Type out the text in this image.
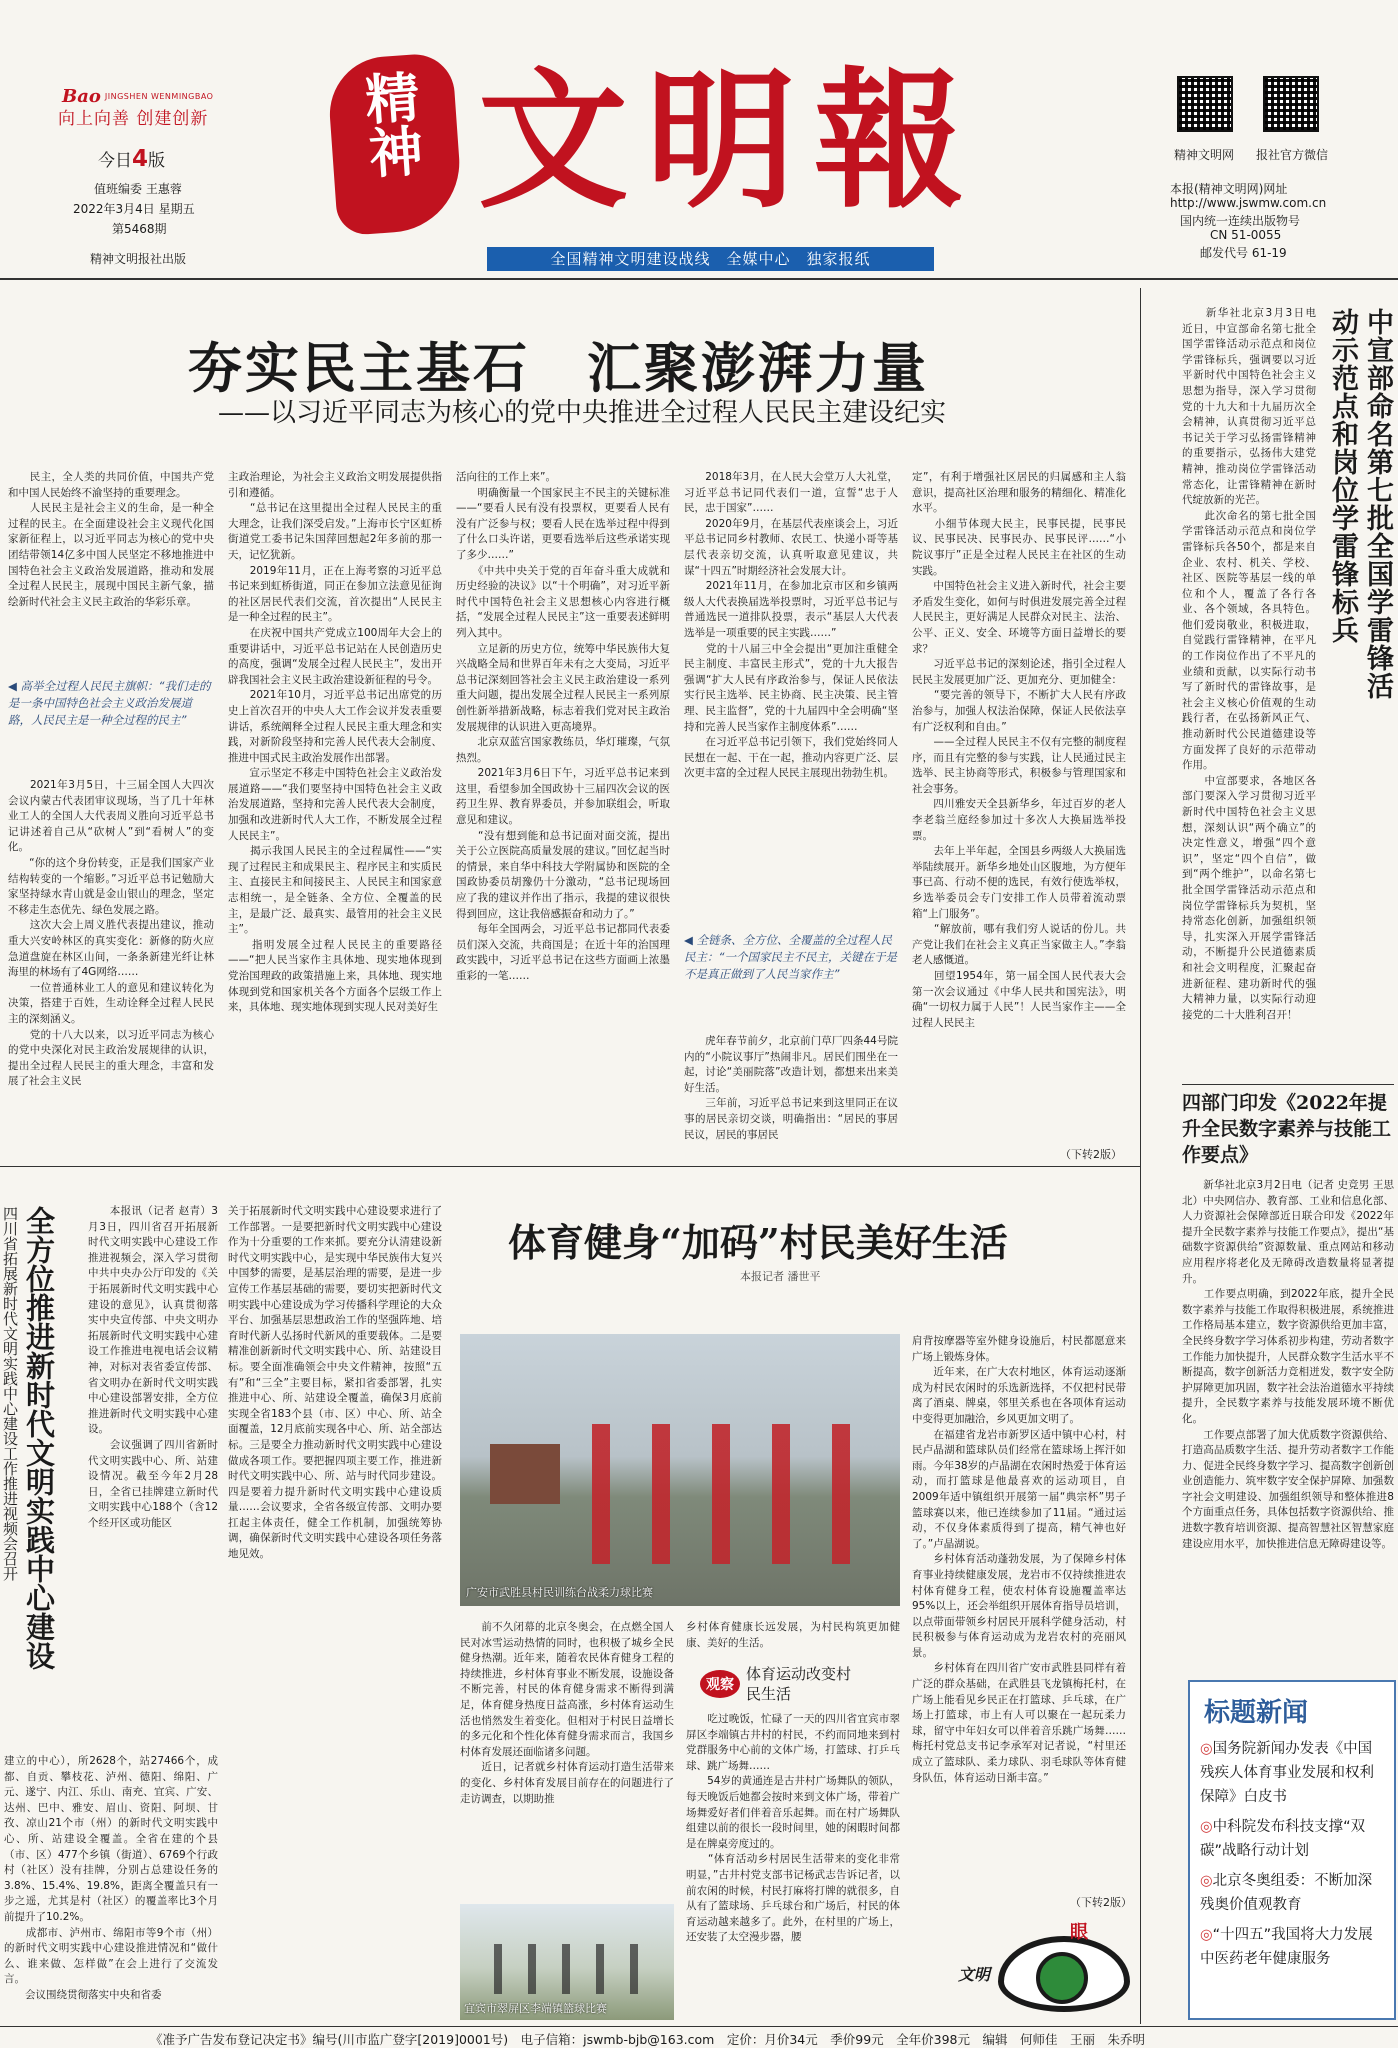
Bao JINGSHEN WENMINGBAO
向上向善 创建创新
今日4版
值班编委 王惠蓉
2022年3月4日 星期五
第5468期
精神文明报社出版
精神 文明報
全国精神文明建设战线　全媒中心　独家报纸
精神文明网 报社官方微信
本报(精神文明网)网址
http://www.jswmw.com.cn
国内统一连续出版物号
CN 51-0055
邮发代号 61-19
夯实民主基石　汇聚澎湃力量
——以习近平同志为核心的党中央推进全过程人民民主建设纪实
　　民主，全人类的共同价值，中国共产党和中国人民始终不渝坚持的重要理念。
　　人民民主是社会主义的生命，是一种全过程的民主。在全面建设社会主义现代化国家新征程上，以习近平同志为核心的党中央团结带领14亿多中国人民坚定不移地推进中国特色社会主义政治发展道路，推动和发展全过程人民民主，展现中国民主新气象，描绘新时代社会主义民主政治的华彩乐章。
◀ 高举全过程人民民主旗帜：“我们走的是一条中国特色社会主义政治发展道路，人民民主是一种全过程的民主”
　　2021年3月5日，十三届全国人大四次会议内蒙古代表团审议现场，当了几十年林业工人的全国人大代表周义胜向习近平总书记讲述着自己从“砍树人”到“看树人”的变化。
　　“你的这个身份转变，正是我们国家产业结构转变的一个缩影。”习近平总书记勉励大家坚持绿水青山就是金山银山的理念，坚定不移走生态优先、绿色发展之路。
　　这次大会上周义胜代表提出建议，推动重大兴安岭林区的真实变化：新修的防火应急道盘旋在林区山间，一条条新建光纤让林海里的林场有了4G网络……
　　一位普通林业工人的意见和建议转化为决策，搭建于百姓，生动诠释全过程人民民主的深刻涵义。
　　党的十八大以来，以习近平同志为核心的党中央深化对民主政治发展规律的认识，提出全过程人民民主的重大理念，丰富和发展了社会主义民
主政治理论，为社会主义政治文明发展提供指引和遵循。
　　“总书记在这里提出全过程人民民主的重大理念，让我们深受启发。”上海市长宁区虹桥街道党工委书记朱国萍回想起2年多前的那一天，记忆犹新。
　　2019年11月，正在上海考察的习近平总书记来到虹桥街道，同正在参加立法意见征询的社区居民代表们交流，首次提出“人民民主是一种全过程的民主”。
　　在庆祝中国共产党成立100周年大会上的重要讲话中，习近平总书记站在人民创造历史的高度，强调“发展全过程人民民主”，发出开辟我国社会主义民主政治建设新征程的号令。
　　2021年10月，习近平总书记出席党的历史上首次召开的中央人大工作会议并发表重要讲话，系统阐释全过程人民民主重大理念和实践，对新阶段坚持和完善人民代表大会制度、推进中国式民主政治发展作出部署。
　　宣示坚定不移走中国特色社会主义政治发展道路——“我们要坚持中国特色社会主义政治发展道路，坚持和完善人民代表大会制度，加强和改进新时代人大工作，不断发展全过程人民民主”。
　　揭示我国人民民主的全过程属性——“实现了过程民主和成果民主、程序民主和实质民主、直接民主和间接民主、人民民主和国家意志相统一，是全链条、全方位、全覆盖的民主，是最广泛、最真实、最管用的社会主义民主”。
　　指明发展全过程人民民主的重要路径——“把人民当家作主具体地、现实地体现到党治国理政的政策措施上来，具体地、现实地体现到党和国家机关各个方面各个层级工作上来，具体地、现实地体现到实现人民对美好生
活向往的工作上来”。
　　明确衡量一个国家民主不民主的关键标准——“要看人民有没有投票权，更要看人民有没有广泛参与权；要看人民在选举过程中得到了什么口头许诺，更要看选举后这些承诺实现了多少……”
　　《中共中央关于党的百年奋斗重大成就和历史经验的决议》以“十个明确”，对习近平新时代中国特色社会主义思想核心内容进行概括，“发展全过程人民民主”这一重要表述鲜明列入其中。
　　立足新的历史方位，统筹中华民族伟大复兴战略全局和世界百年未有之大变局，习近平总书记深刻回答社会主义民主政治建设一系列重大问题，提出发展全过程人民民主一系列原创性新举措新战略，标志着我们党对民主政治发展规律的认识进入更高境界。
　　北京双蓝宫国家教练员，华灯璀璨，气氛热烈。
　　2021年3月6日下午，习近平总书记来到这里，看望参加全国政协十三届四次会议的医药卫生界、教育界委员，并参加联组会，听取意见和建议。
　　“没有想到能和总书记面对面交流，提出关于公立医院高质量发展的建议。”回忆起当时的情景，来自华中科技大学附属协和医院的全国政协委员胡豫仍十分激动，“总书记现场回应了我的建议并作出了指示，我提的建议很快得到回应，这让我倍感振奋和动力了。”
　　每年全国两会，习近平总书记都同代表委员们深入交流，共商国是；在近十年的治国理政实践中，习近平总书记在这些方面画上浓墨重彩的一笔……
　　2018年3月，在人民大会堂万人大礼堂，习近平总书记同代表们一道，宣誓“忠于人民，忠于国家”……
　　2020年9月，在基层代表座谈会上，习近平总书记同乡村教师、农民工、快递小哥等基层代表亲切交流，认真听取意见建议，共谋“十四五”时期经济社会发展大计。
　　2021年11月，在参加北京市区和乡镇两级人大代表换届选举投票时，习近平总书记与普通选民一道排队投票，表示“基层人大代表选举是一项重要的民主实践……”
　　党的十八届三中全会提出“更加注重健全民主制度、丰富民主形式”，党的十九大报告强调“扩大人民有序政治参与，保证人民依法实行民主选举、民主协商、民主决策、民主管理、民主监督”，党的十九届四中全会明确“坚持和完善人民当家作主制度体系”……
　　在习近平总书记引领下，我们党始终同人民想在一起、干在一起，推动内容更广泛、层次更丰富的全过程人民民主展现出勃勃生机。
◀ 全链条、全方位、全覆盖的全过程人民民主：“一个国家民主不民主，关键在于是不是真正做到了人民当家作主”
　　虎年春节前夕，北京前门草厂四条44号院内的“小院议事厅”热闹非凡。居民们围坐在一起，讨论“美丽院落”改造计划，都想来出来美好生活。
　　三年前，习近平总书记来到这里同正在议事的居民亲切交谈，明确指出：“居民的事居民议，居民的事居民
定”，有利于增强社区居民的归属感和主人翁意识，提高社区治理和服务的精细化、精准化水平。
　　小细节体现大民主，民事民提，民事民议、民事民决、民事民办、民事民评……“小院议事厅”正是全过程人民民主在社区的生动实践。
　　中国特色社会主义进入新时代，社会主要矛盾发生变化，如何与时俱进发展完善全过程人民民主，更好满足人民群众对民主、法治、公平、正义、安全、环境等方面日益增长的要求？
　　习近平总书记的深刻论述，指引全过程人民民主发展更加广泛、更加充分、更加健全：
　　“要完善的领导下，不断扩大人民有序政治参与，加强人权法治保障，保证人民依法享有广泛权利和自由。”
　　——全过程人民民主不仅有完整的制度程序，而且有完整的参与实践，让人民通过民主选举、民主协商等形式，积极参与管理国家和社会事务。
　　四川雅安天全县新华乡，年过百岁的老人李老翁兰庭经参加过十多次人大换届选举投票。
　　去年上半年起，全国县乡两级人大换届选举陆续展开。新华乡地处山区腹地，为方便年事已高、行动不便的选民，有效行使选举权，乡选举委员会专门安排工作人员带着流动票箱“上门服务”。
　　“解放前，哪有我们穷人说话的份儿。共产党让我们在社会主义真正当家做主人。”李翁老人感慨道。
　　回望1954年，第一届全国人民代表大会第一次会议通过《中华人民共和国宪法》，明确“一切权力属于人民”！人民当家作主——全过程人民民主
（下转2版）
中宣部命名第七批全国学雷锋活动示范点和岗位学雷锋标兵
　　新华社北京3月3日电　近日，中宣部命名第七批全国学雷锋活动示范点和岗位学雷锋标兵，强调要以习近平新时代中国特色社会主义思想为指导，深入学习贯彻党的十九大和十九届历次全会精神，认真贯彻习近平总书记关于学习弘扬雷锋精神的重要指示，弘扬伟大建党精神，推动岗位学雷锋活动常态化，让雷锋精神在新时代绽放新的光芒。
　　此次命名的第七批全国学雷锋活动示范点和岗位学雷锋标兵各50个，都是来自企业、农村、机关、学校、社区、医院等基层一线的单位和个人，覆盖了各行各业、各个领域，各具特色。他们爱岗敬业，积极进取，自觉践行雷锋精神，在平凡的工作岗位作出了不平凡的业绩和贡献，以实际行动书写了新时代的雷锋故事，是社会主义核心价值观的生动践行者，在弘扬新风正气、推动新时代公民道德建设等方面发挥了良好的示范带动作用。
　　中宣部要求，各地区各部门要深入学习贯彻习近平新时代中国特色社会主义思想，深刻认识“两个确立”的决定性意义，增强“四个意识”，坚定“四个自信”，做到“两个维护”，以命名第七批全国学雷锋活动示范点和岗位学雷锋标兵为契机，坚持常态化创新，加强组织领导，扎实深入开展学雷锋活动，不断提升公民道德素质和社会文明程度，汇聚起奋进新征程、建功新时代的强大精神力量，以实际行动迎接党的二十大胜利召开！
四部门印发《2022年提升全民数字素养与技能工作要点》
　　新华社北京3月2日电（记者 史竞男 王思北）中央网信办、教育部、工业和信息化部、人力资源社会保障部近日联合印发《2022年提升全民数字素养与技能工作要点》，提出“基础数字资源供给”资源数量、重点网站和移动应用程序将老化及无障碍改造数量将显著提升。
　　工作要点明确，到2022年底，提升全民数字素养与技能工作取得积极进展，系统推进工作格局基本建立，数字资源供给更加丰富，全民终身数字学习体系初步构建，劳动者数字工作能力加快提升，人民群众数字生活水平不断提高，数字创新活力竞相迸发，数字安全防护屏障更加巩固，数字社会法治道德水平持续提升，全民数字素养与技能发展环境不断优化。
　　工作要点部署了加大优质数字资源供给、打造高品质数字生活、提升劳动者数字工作能力、促进全民终身数字学习、提高数字创新创业创造能力、筑牢数字安全保护屏障、加强数字社会文明建设、加强组织领导和整体推进8个方面重点任务，具体包括数字资源供给、推进数字教育培训资源、提高智慧社区智慧家庭建设应用水平，加快推进信息无障碍建设等。
标题新闻
◎国务院新闻办发表《中国残疾人体育事业发展和权利保障》白皮书
◎中科院发布科技支撑“双碳”战略行动计划
◎北京冬奥组委：不断加深残奥价值观教育
◎“十四五”我国将大力发展中医药老年健康服务
全方位推进新时代文明实践中心建设
四川省拓展新时代文明实践中心建设工作推进视频会召开	　　本报讯（记者 赵青）3月3日，四川省召开拓展新时代文明实践中心建设工作推进视频会，深入学习贯彻中共中央办公厅印发的《关于拓展新时代文明实践中心建设的意见》，认真贯彻落实中央宣传部、中央文明办拓展新时代文明实践中心建设工作推进电视电话会议精神，对标对表省委宣传部、省文明办在新时代文明实践中心建设部署安排，全方位推进新时代文明实践中心建设。
　　会议强调了四川省新时代文明实践中心、所、站建设情况。截至今年2月28日，全省已挂牌建立新时代文明实践中心188个（含12个经开区或功能区
建立的中心），所2628个，站27466个，成都、自贡、攀枝花、泸州、德阳、绵阳、广元、遂宁、内江、乐山、南充、宜宾、广安、达州、巴中、雅安、眉山、资阳、阿坝、甘孜、凉山21个市（州）的新时代文明实践中心、所、站建设全覆盖。全省在建的个县（市、区）477个乡镇（街道）、6769个行政村（社区）没有挂牌，分别占总建设任务的3.8%、15.4%、19.8%，距离全覆盖只有一步之遥，尤其是村（社区）的覆盖率比3个月前提升了10.2%。
　　成都市、泸州市、绵阳市等9个市（州）的新时代文明实践中心建设推进情况和“做什么、谁来做、怎样做”在会上进行了交流发言。
　　会议围绕贯彻落实中央和省委
关于拓展新时代文明实践中心建设要求进行了工作部署。一是要把新时代文明实践中心建设作为十分重要的工作来抓。要充分认清建设新时代文明实践中心，是实现中华民族伟大复兴中国梦的需要，是基层治理的需要，是进一步宣传工作基层基础的需要，要切实把新时代文明实践中心建设成为学习传播科学理论的大众平台、加强基层思想政治工作的坚强阵地、培育时代新人弘扬时代新风的重要载体。二是要精准创新新时代文明实践中心、所、站建设目标。要全面准确领会中央文件精神，按照“五有”和“三全”主要目标，紧扣省委部署，扎实推进中心、所、站建设全覆盖，确保3月底前实现全省183个县（市、区）中心、所、站全面覆盖，12月底前实现各中心、所、站全部达标。三是要全力推动新时代文明实践中心建设做成各项工作。要把握四项主要工作，推进新时代文明实践中心、所、站与时代同步建设。四是要着力提升新时代文明实践中心建设质量……会议要求，全省各级宣传部、文明办要扛起主体责任，健全工作机制，加强统筹协调，确保新时代文明实践中心建设各项任务落地见效。
体育健身“加码”村民美好生活
本报记者 潘世平
广安市武胜县村民训练台战柔力球比赛
肩背按摩器等室外健身设施后，村民都愿意来广场上锻炼身体。
　　近年来，在广大农村地区，体育运动逐渐成为村民农闲时的乐选新选择，不仅把村民带离了酒桌、牌桌，邻里关系也在各项体育运动中变得更加融洽，乡风更加文明了。
　　在福建省龙岩市新罗区适中镇中心村，村民卢晶湖和篮球队员们经常在篮球场上挥汗如雨。今年38岁的卢晶湖在农闲时热爱于体育运动，而打篮球是他最喜欢的运动项目，自2009年适中镇组织开展第一届“典宗杯”男子篮球赛以来，他已连续参加了11届。“通过运动，不仅身体素质得到了提高，精气神也好了。”卢晶湖说。
　　乡村体育活动蓬勃发展，为了保障乡村体育事业持续健康发展，龙岩市不仅持续推进农村体育健身工程，使农村体育设施覆盖率达95%以上，还会举组织开展体育指导员培训，以点带面带领乡村居民开展科学健身活动，村民积极参与体育运动成为龙岩农村的亮丽风景。
　　乡村体育在四川省广安市武胜县同样有着广泛的群众基础，在武胜县飞龙镇梅托村，在广场上能看见乡民正在打篮球、乒乓球，在广场上打篮球，市上有人可以聚在一起玩柔力球，留守中年妇女可以伴着音乐跳广场舞……梅托村党总支书记李承军对记者说，“村里还成立了篮球队、柔力球队、羽毛球队等体育健身队伍，体育运动日渐丰富。”
（下转2版）
　　前不久闭幕的北京冬奥会，在点燃全国人民对冰雪运动热情的同时，也积极了城乡全民健身热潮。近年来，随着农民体育健身工程的持续推进，乡村体育事业不断发展，设施设备不断完善，村民的体育健身需求不断得到满足，体育健身热度日益高涨，乡村体育运动生活也悄然发生着变化。但相对于村民日益增长的多元化和个性化体育健身需求而言，我国乡村体育发展还面临诸多问题。
　　近日，记者就乡村体育运动打造生活带来的变化、乡村体育发展目前存在的问题进行了走访调查，以期助推
乡村体育健康长远发展，为村民构筑更加健康、美好的生活。
观察
体育运动改变村民生活
　　吃过晚饭，忙碌了一天的四川省宜宾市翠屏区李端镇古井村的村民，不约而同地来到村党群服务中心前的文体广场，打篮球、打乒乓球、跳广场舞……
　　54岁的黄通连是古井村广场舞队的领队，每天晚饭后她都会按时来到文体广场，带着广场舞爱好者们伴着音乐起舞。而在村广场舞队组建以前的很长一段时间里，她的闲暇时间都是在牌桌旁度过的。
　　“体育活动乡村居民生活带来的变化非常明显，”古井村党支部书记杨武志告诉记者，以前农闲的时候，村民打麻将打牌的就很多，自从有了篮球场、乒乓球台和广场后，村民的体育运动越来越多了。此外，在村里的广场上，还安装了太空漫步器，腰
宜宾市翠屏区李端镇篮球比赛
文明
眼
《准予广告发布登记决定书》编号(川市监广登字[2019]0001号)　电子信箱：jswmb-bjb@163.com　定价：月价34元　季价99元　全年价398元　编辑　何师佳　王丽　朱乔明
